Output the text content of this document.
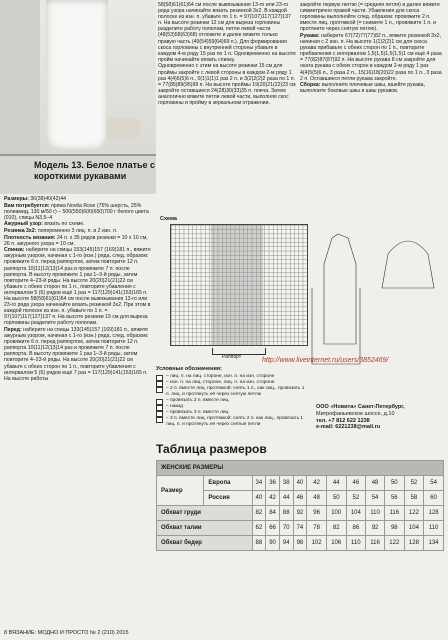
Модель 13. Белое платье с короткими рукавами

Размеры: 36(38)40(42)44

Вам потребуется: пряжа Novita Rose (75% шерсть, 25% полиамид, 130 м/50 г) – 500(550)600(650)700 г белого цвета (010), спицы N3,5–4

Ажурный узор: вязать по схеме.

Резинка 3х2: попеременно 3 лиц. п. и 2 изн. п.

Плотность вязания: 24 п. х 35 рядов резинки = 10 х 10 см, 26 п. ажурного узора = 10 см.

Спинка: наберите на спицы 153(145)157 (169)181 п., вяжите ажурным узором, начиная с 1-го (изн.) ряда, след. образом: провяжите 6 п. перед раппортом, затем повторите 12 п. раппорта 10(11)12(13)14 раз и провяжите 7 п. после раппорта. В высоту провяжите 1 раз 1–3-й ряды, затем повторите 4–23-й ряды. На высоте 20(20)21(21)22 см убавьте с обеих сторон по 1 п., повторите убавления с интервалом 5 (6) рядов ещё 1 раз = 117(129)141(153)165 п. На высоте 58(58)61(61)64 см после вывязывания 13-го или 23-го ряда узора начинайте вязать резинкой 3х2. При этом в каждой полоске из изн. п. убавьте по 1 п. = 97(107)117(127)137 п. На высоте резинки 15 см для выреза горловины разделите работу пополам.

Перед: наберите на спицы 133(145)157 (169)181 п., вяжите ажурным узором, начиная с 1-го (изн.) ряда, след. образом: провяжите 6 п. перед раппортом, затем повторите 12 п. раппорта 10(11)12(13)14 раз и провяжите 7 п. после раппорта. В высоту провяжите 1 раз 1–3-й ряды, затем повторите 4–23-й ряды. На высоте 20(20)21(21)22 см убавьте с обеих сторон по 1 п., повторите убавления с интервалом 5 (6) рядов ещё 7 раз = 117(129)141(153)165 п. На высоте работы

58(58)61(61)64 см после вывязывания 13-го или 23-го ряда узора начинайте вязать резинкой 3х2. В каждой полоске из изн. п. убавьте по 1 п. = 97(107)117(127)137 п. На высоте резинки 12 см для выреза горловины разделите работу пополам, петли левой части (48(53)58(63)68) отложите и далее вяжите только правую часть (49(54)59(64)69 п.). Для формирования скоса горловины с внутренней стороны убавьте в каждом 4-м ряду 15 раз по 1 п. Одновременно на высоте пройм начинайте вязать спинку.

Одновременно с этим на высоте резинки 15 см для проймы закройте с левой стороны в каждом 2-м ряду 1 раз 4(4)5(5)6 п., 0(1)1(1)1 раз 2 п. и 3(2)2(2)2 раза по 1 п. = 77(85)89(95)99 п. На высоте проймы 19(20)21(22)23 см закройте оставшиеся 24(28)30(33)35 п. плеча. Затем аналогично вяжите петли левой части, выполняя скос горловины и пройму в зеркальном отражении.

закройте первую петлю (= средняя петля) и далее вяжите симметрично правой части. Убавления для скоса горловины выполняйте след. образом: провяжите 2 п. вместе лиц. протяжкой (= снимите 1 п., провяжите 1 п. и протяните через снятую петлю).

Рукава: наберите 67(72)77(77)82 п., вяжите резинкой 3х2, начиная с 2 изн. п. На высоте 1(1)2(2)1 см для скоса рукава прибавьте с обеих сторон по 1 п., повторите прибавления с интервалом 1,5(1,5)1,5(1,5)1 см ещё 4 раза = 77(82)87(87)92 п. На высоте рукава 8 см закройте для оката рукава с обеих сторон в каждом 2-м ряду 1 раз 4(4)5(5)6 п., 3 раза 2 п., 15(16)18(20)22 раза по 1 п., 3 раза 2 п. Оставшиеся петли рукава закройте.

Сборка: выполните плечевые швы, вшейте рукава, выполните боковые швы и швы рукавов.

Схема
Раппорт	http://www.liveinternet.ru/users/3852469/
Условные обозначения:
– лиц. п. на лиц. стороне, изн. п. на изн. стороне
– изн. п. на лиц. стороне, лиц. п. на изн. стороне
– 2 п. вместе лиц. протяжкой: снять 1 п., как лиц., провязать 1 п. лиц. и протянуть её через снятую петлю
– провязать 2 п. вместе лиц.
– накид
– провязать 3 п. вместе лиц.
– 3 п. вместе лиц. протяжкой: снять 2 п. как лиц., провязать 1 лиц. п. и протянуть её через снятые петли
ООО «Новита» Санкт-Петербург,
Митрофаньевское шоссе, д.10
тел. +7 812 622 1238
e-mail: 6221238@mail.ru
Таблица размеров
ЖЕНСКИЕ РАЗМЕРЫ												
Размер	Европа	34	36	38	40	42	44	46	48	50	52	54
	Россия	40	42	44	46	48	50	52	54	56	58	60
Обхват груди		82	84	88	92	96	100	104	110	116	122	128
Обхват талии		62	66	70	74	78	82	86	92	98	104	110
Обхват бедер		88	90	94	98	102	106	110	116	122	128	134
8 ВЯЗАНИЕ: МОДНО И ПРОСТО № 2 (210) 2015
